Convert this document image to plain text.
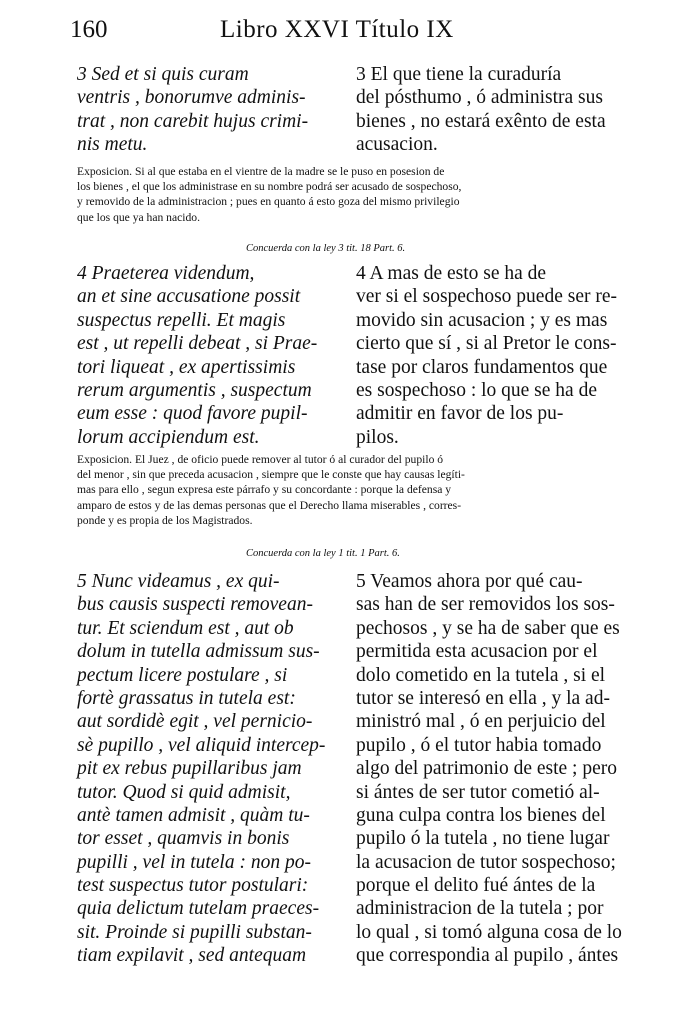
160	Libro XXVI Título IX
3 Sed et si quis curam
ventris , bonorumve adminis-
trat , non carebit hujus crimi-
nis metu.
3 El que tiene la curaduría
del pósthumo , ó administra sus
bienes , no estará exênto de esta
acusacion.
Exposicion. Si al que estaba en el vientre de la madre se le puso en posesion de
los bienes , el que los administrase en su nombre podrá ser acusado de sospechoso,
y removido de la administracion ; pues en quanto á esto goza del mismo privilegio
que los que ya han nacido.
Concuerda con la ley 3 tit. 18 Part. 6.
4 Praeterea videndum,
an et sine accusatione possit
suspectus repelli. Et magis
est , ut repelli debeat , si Prae-
tori liqueat , ex apertissimis
rerum argumentis , suspectum
eum esse : quod favore pupil-
lorum accipiendum est.
4 A mas de esto se ha de
ver si el sospechoso puede ser re-
movido sin acusacion ; y es mas
cierto que sí , si al Pretor le cons-
tase por claros fundamentos que
es sospechoso : lo que se ha de
admitir en favor de los pu-
pilos.
Exposicion. El Juez , de oficio puede remover al tutor ó al curador del pupilo ó
del menor , sin que preceda acusacion , siempre que le conste que hay causas legíti-
mas para ello , segun expresa este párrafo y su concordante : porque la defensa y
amparo de estos y de las demas personas que el Derecho llama miserables , corres-
ponde y es propia de los Magistrados.
Concuerda con la ley 1 tit. 1 Part. 6.
5 Nunc videamus , ex qui-
bus causis suspecti removean-
tur. Et sciendum est , aut ob
dolum in tutella admissum sus-
pectum licere postulare , si
fortè grassatus in tutela est:
aut sordidè egit , vel pernicio-
sè pupillo , vel aliquid intercep-
pit ex rebus pupillaribus jam
tutor. Quod si quid admisit,
antè tamen admisit , quàm tu-
tor esset , quamvis in bonis
pupilli , vel in tutela : non po-
test suspectus tutor postulari:
quia delictum tutelam praeces-
sit. Proinde si pupilli substan-
tiam expilavit , sed antequam
5 Veamos ahora por qué cau-
sas han de ser removidos los sos-
pechosos , y se ha de saber que es
permitida esta acusacion por el
dolo cometido en la tutela , si el
tutor se interesó en ella , y la ad-
ministró mal , ó en perjuicio del
pupilo , ó el tutor habia tomado
algo del patrimonio de este ; pero
si ántes de ser tutor cometió al-
guna culpa contra los bienes del
pupilo ó la tutela , no tiene lugar
la acusacion de tutor sospechoso;
porque el delito fué ántes de la
administracion de la tutela ; por
lo qual , si tomó alguna cosa de lo
que correspondia al pupilo , ántes
